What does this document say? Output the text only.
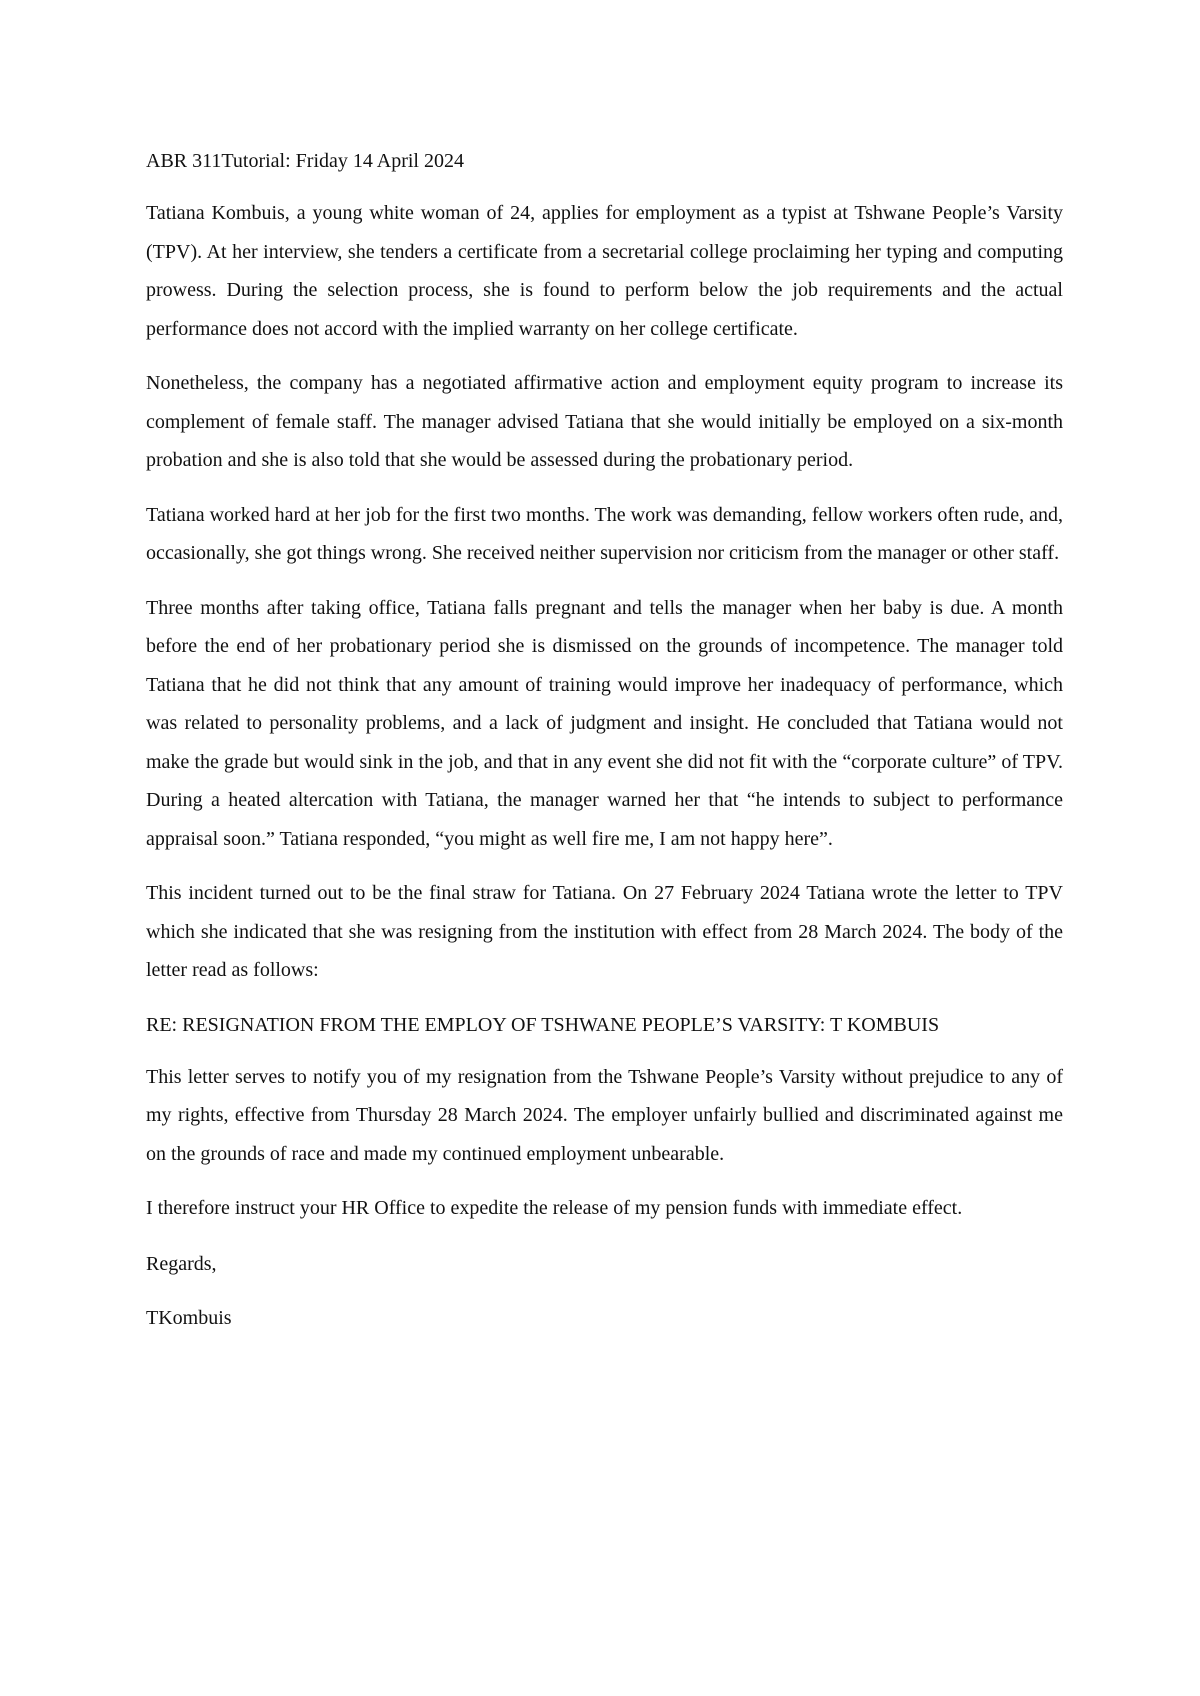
ABR 311Tutorial: Friday 14 April 2024

Tatiana Kombuis, a young white woman of 24, applies for employment as a typist at Tshwane People’s Varsity (TPV). At her interview, she tenders a certificate from a secretarial college proclaiming her typing and computing prowess. During the selection process, she is found to perform below the job requirements and the actual performance does not accord with the implied warranty on her college certificate.

Nonetheless, the company has a negotiated affirmative action and employment equity program to increase its complement of female staff. The manager advised Tatiana that she would initially be employed on a six-month probation and she is also told that she would be assessed during the probationary period.

Tatiana worked hard at her job for the first two months. The work was demanding, fellow workers often rude, and, occasionally, she got things wrong. She received neither supervision nor criticism from the manager or other staff.

Three months after taking office, Tatiana falls pregnant and tells the manager when her baby is due. A month before the end of her probationary period she is dismissed on the grounds of incompetence. The manager told Tatiana that he did not think that any amount of training would improve her inadequacy of performance, which was related to personality problems, and a lack of judgment and insight. He concluded that Tatiana would not make the grade but would sink in the job, and that in any event she did not fit with the “corporate culture” of TPV. During a heated altercation with Tatiana, the manager warned her that “he intends to subject to performance appraisal soon.” Tatiana responded, “you might as well fire me, I am not happy here”.

This incident turned out to be the final straw for Tatiana. On 27 February 2024 Tatiana wrote the letter to TPV which she indicated that she was resigning from the institution with effect from 28 March 2024. The body of the letter read as follows:

RE: RESIGNATION FROM THE EMPLOY OF TSHWANE PEOPLE’S VARSITY: T KOMBUIS

This letter serves to notify you of my resignation from the Tshwane People’s Varsity without prejudice to any of my rights, effective from Thursday 28 March 2024. The employer unfairly bullied and discriminated against me on the grounds of race and made my continued employment unbearable.

I therefore instruct your HR Office to expedite the release of my pension funds with immediate effect.

Regards,

TKombuis
